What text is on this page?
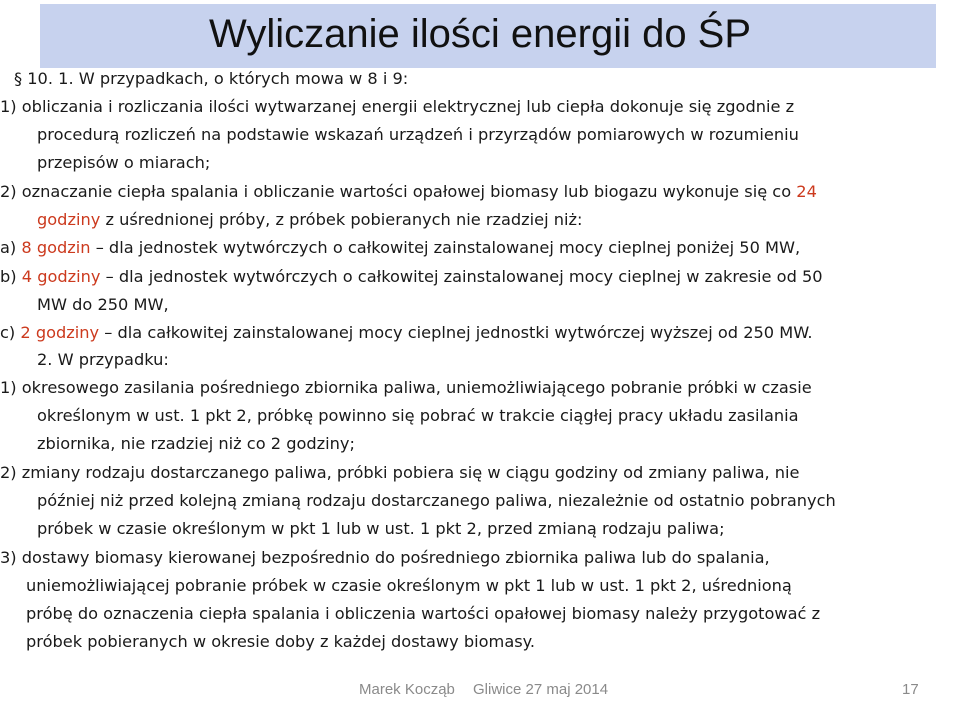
Wyliczanie ilości energii do ŚP
§ 10. 1. W przypadkach, o których mowa w 8 i 9:
1) obliczania i rozliczania ilości wytwarzanej energii elektrycznej lub ciepła dokonuje się zgodnie z
procedurą rozliczeń na podstawie wskazań urządzeń i przyrządów pomiarowych w rozumieniu
przepisów o miarach;
2) oznaczanie ciepła spalania i obliczanie wartości opałowej biomasy lub biogazu wykonuje się co 24
godziny z uśrednionej próby, z próbek pobieranych nie rzadziej niż:
a) 8 godzin – dla jednostek wytwórczych o całkowitej zainstalowanej mocy cieplnej poniżej 50 MW,
b) 4 godziny – dla jednostek wytwórczych o całkowitej zainstalowanej mocy cieplnej w zakresie od 50
MW do 250 MW,
c) 2 godziny – dla całkowitej zainstalowanej mocy cieplnej jednostki wytwórczej wyższej od 250 MW.
2. W przypadku:
1) okresowego zasilania pośredniego zbiornika paliwa, uniemożliwiającego pobranie próbki w czasie
określonym w ust. 1 pkt 2, próbkę powinno się pobrać w trakcie ciągłej pracy układu zasilania
zbiornika, nie rzadziej niż co 2 godziny;
2) zmiany rodzaju dostarczanego paliwa, próbki pobiera się w ciągu godziny od zmiany paliwa, nie
później niż przed kolejną zmianą rodzaju dostarczanego paliwa, niezależnie od ostatnio pobranych
próbek w czasie określonym w pkt 1 lub w ust. 1 pkt 2, przed zmianą rodzaju paliwa;
3) dostawy biomasy kierowanej bezpośrednio do pośredniego zbiornika paliwa lub do spalania,
uniemożliwiającej pobranie próbek w czasie określonym w pkt 1 lub w ust. 1 pkt 2, uśrednioną
próbę do oznaczenia ciepła spalania i obliczenia wartości opałowej biomasy należy przygotować z
próbek pobieranych w okresie doby z każdej dostawy biomasy.
Marek Kocząb Gliwice 27 maj 2014	17
